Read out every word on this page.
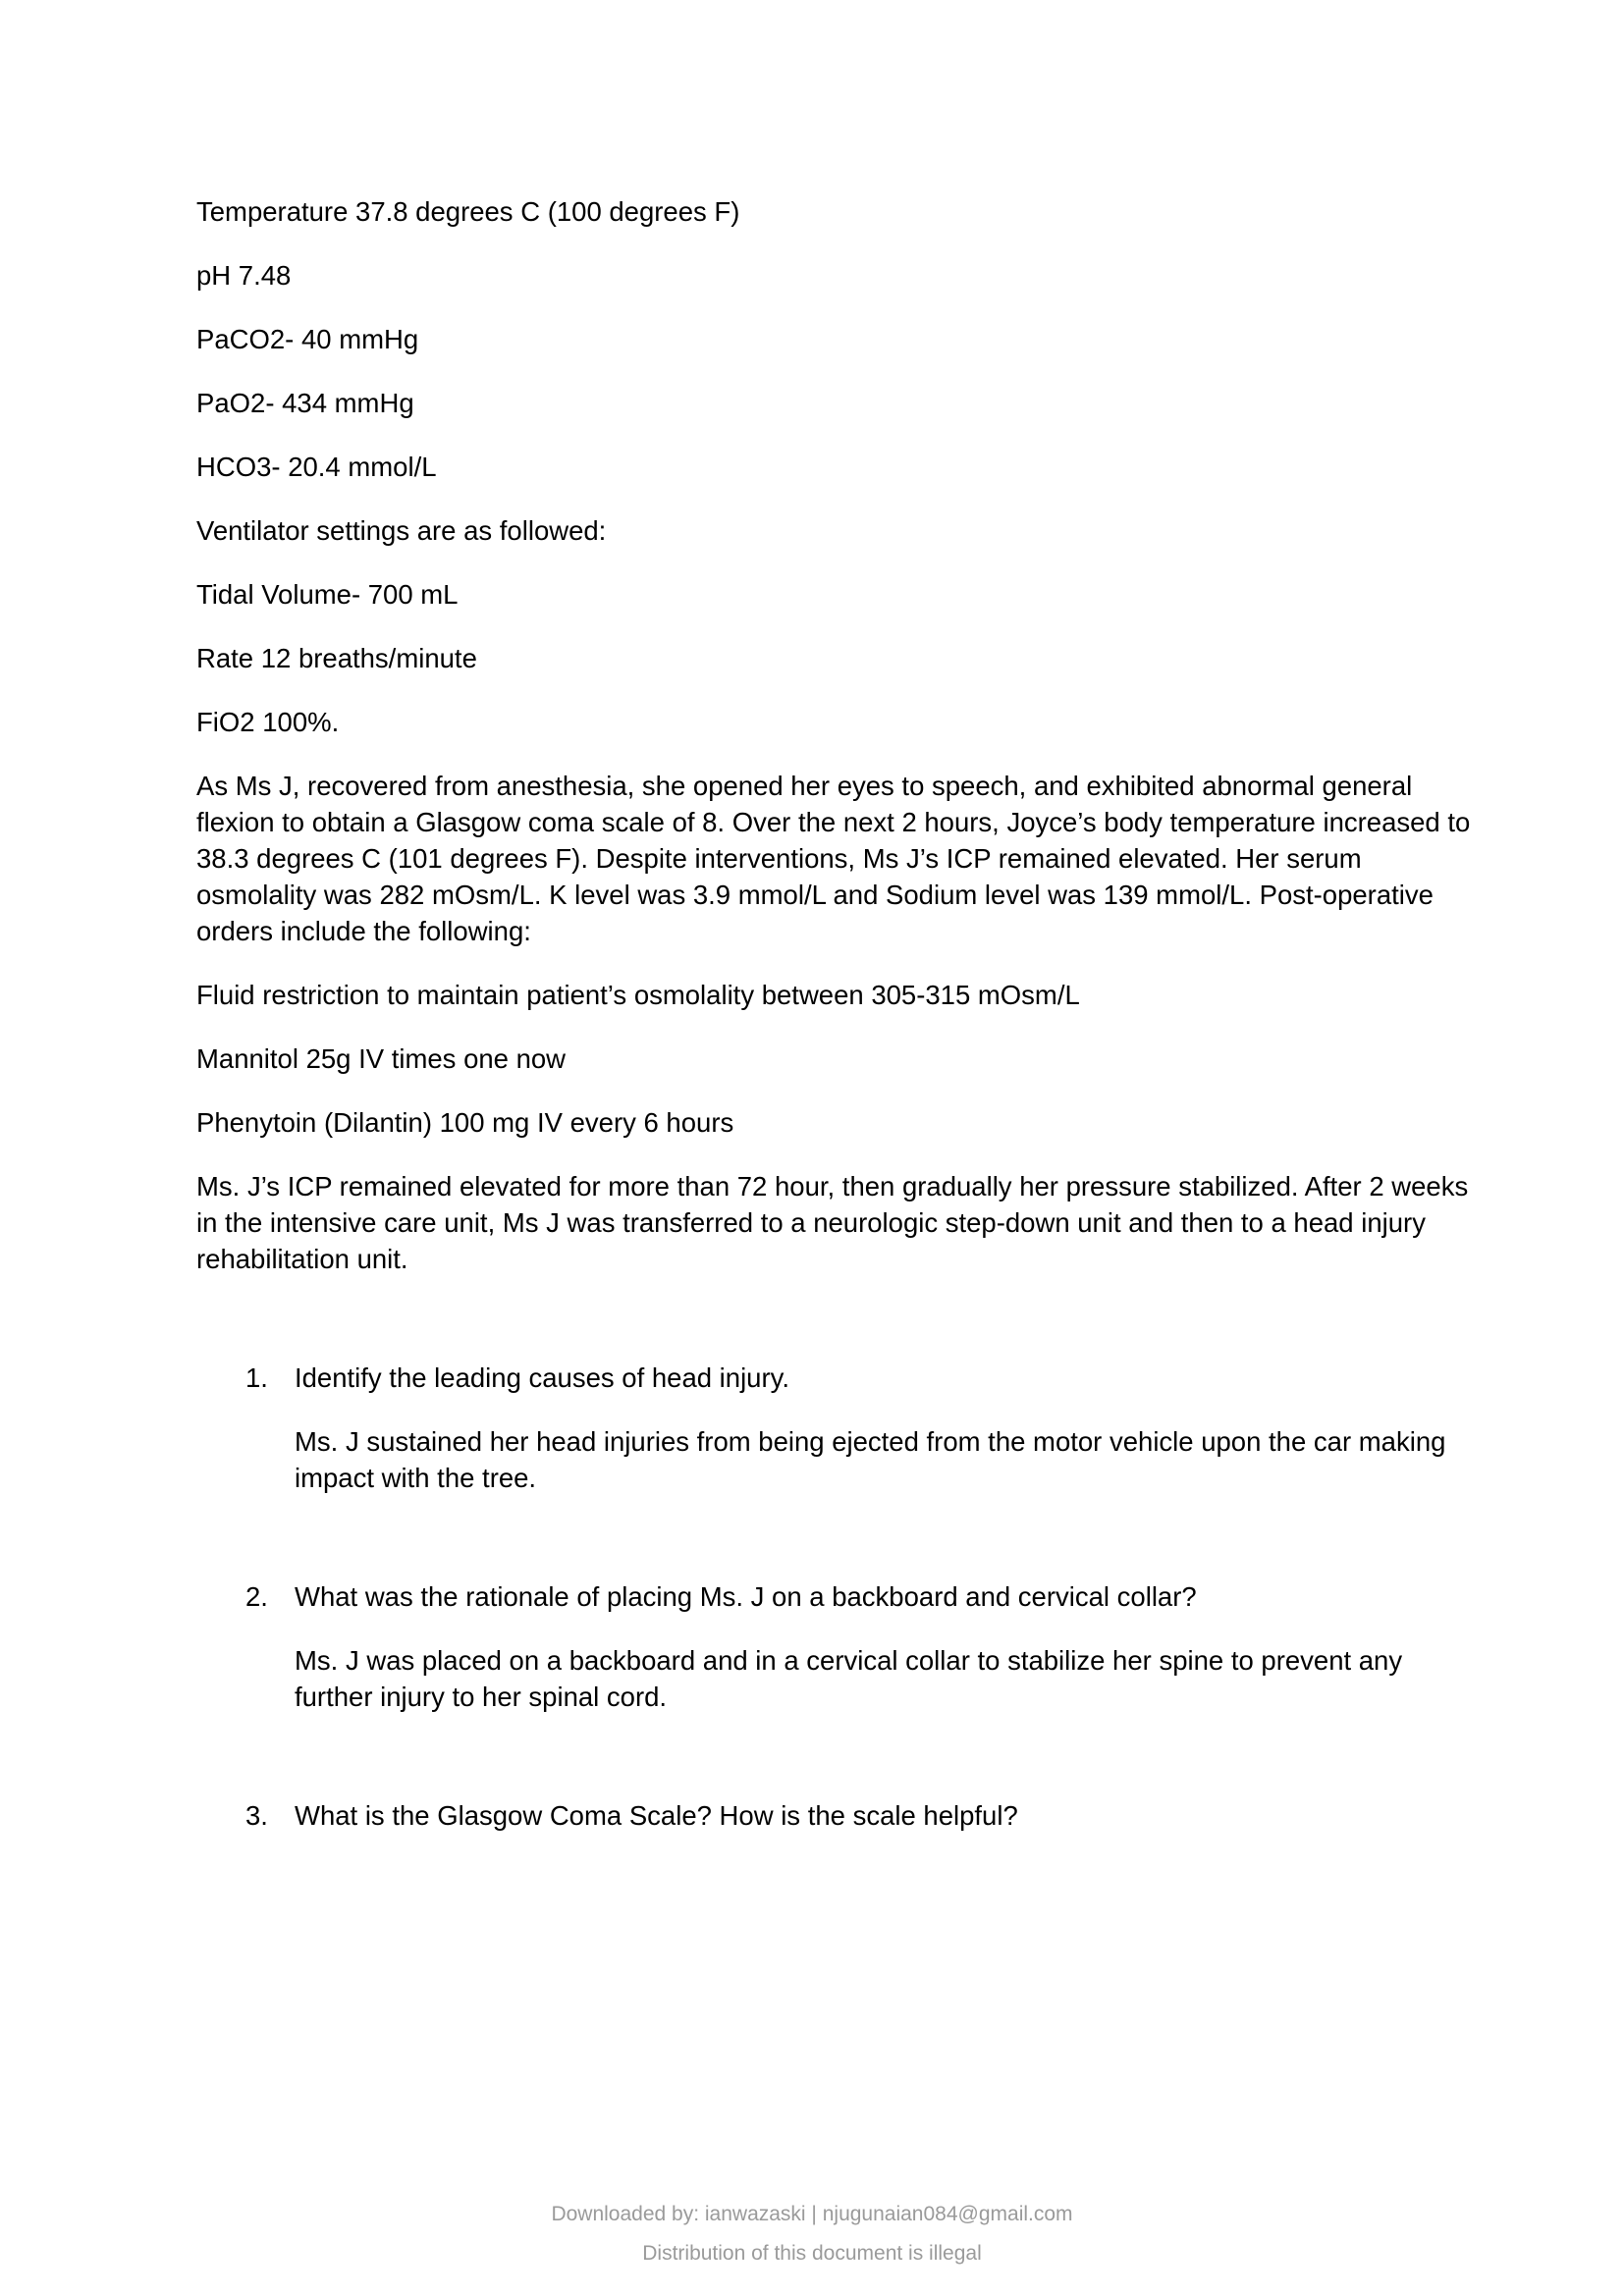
Temperature 37.8 degrees C (100 degrees F)

pH 7.48

PaCO2- 40 mmHg

PaO2- 434 mmHg

HCO3- 20.4 mmol/L

Ventilator settings are as followed:

Tidal Volume- 700 mL

Rate 12 breaths/minute

FiO2 100%.

As Ms J, recovered from anesthesia, she opened her eyes to speech, and exhibited abnormal general flexion to obtain a Glasgow coma scale of 8. Over the next 2 hours, Joyce’s body temperature increased to 38.3 degrees C (101 degrees F). Despite interventions, Ms J’s ICP remained elevated. Her serum osmolality was 282 mOsm/L. K level was 3.9 mmol/L and Sodium level was 139 mmol/L. Post-operative orders include the following:

Fluid restriction to maintain patient’s osmolality between 305-315 mOsm/L

Mannitol 25g IV times one now

Phenytoin (Dilantin) 100 mg IV every 6 hours

Ms. J’s ICP remained elevated for more than 72 hour, then gradually her pressure stabilized. After 2 weeks in the intensive care unit, Ms J was transferred to a neurologic step-down unit and then to a head injury rehabilitation unit.

1. Identify the leading causes of head injury.

Ms. J sustained her head injuries from being ejected from the motor vehicle upon the car making impact with the tree.

2. What was the rationale of placing Ms. J on a backboard and cervical collar?

Ms. J was placed on a backboard and in a cervical collar to stabilize her spine to prevent any further injury to her spinal cord.

3. What is the Glasgow Coma Scale? How is the scale helpful?

Downloaded by: ianwazaski | njugunaian084@gmail.com
Distribution of this document is illegal
